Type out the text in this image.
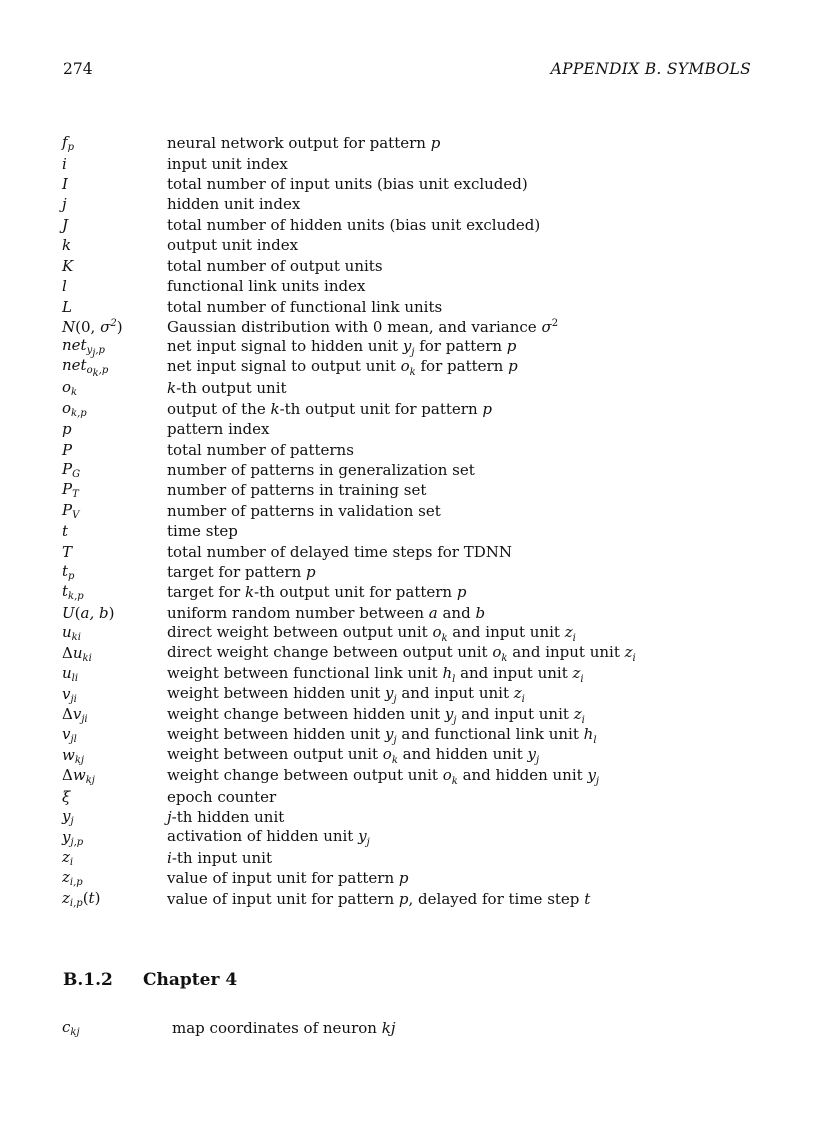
274	APPENDIX B. SYMBOLS
$f_p$	neural network output for pattern p
i	input unit index
I	total number of input units (bias unit excluded)
j	hidden unit index
J	total number of hidden units (bias unit excluded)
k	output unit index
K	total number of output units
l	functional link units index
L	total number of functional link units
N(0, $\sigma^2$)	Gaussian distribution with 0 mean, and variance $\sigma^2$
net$_{y_j,p}$	net input signal to hidden unit $y_j$ for pattern p
net$_{o_k,p}$	net input signal to output unit $o_k$ for pattern p
$o_k$	k-th output unit
$o_{k,p}$	output of the k-th output unit for pattern p
p	pattern index
P	total number of patterns
$P_G$	number of patterns in generalization set
$P_T$	number of patterns in training set
$P_V$	number of patterns in validation set
t	time step
T	total number of delayed time steps for TDNN
$t_p$	target for pattern p
$t_{k,p}$	target for k-th output unit for pattern p
U(a, b)	uniform random number between a and b
$u_{ki}$	direct weight between output unit $o_k$ and input unit $z_i$
$\Delta u_{ki}$	direct weight change between output unit $o_k$ and input unit $z_i$
$u_{li}$	weight between functional link unit $h_l$ and input unit $z_i$
$v_{ji}$	weight between hidden unit $y_j$ and input unit $z_i$
$\Delta v_{ji}$	weight change between hidden unit $y_j$ and input unit $z_i$
$v_{jl}$	weight between hidden unit $y_j$ and functional link unit $h_l$
$w_{kj}$	weight between output unit $o_k$ and hidden unit $y_j$
$\Delta w_{kj}$	weight change between output unit $o_k$ and hidden unit $y_j$
ξ	epoch counter
$y_j$	j-th hidden unit
$y_{j,p}$	activation of hidden unit $y_j$
$z_i$	i-th input unit
$z_{i,p}$	value of input unit for pattern p
$z_{i,p}(t)$	value of input unit for pattern p, delayed for time step t
B.1.2 Chapter 4
$c_{kj}$	map coordinates of neuron kj
